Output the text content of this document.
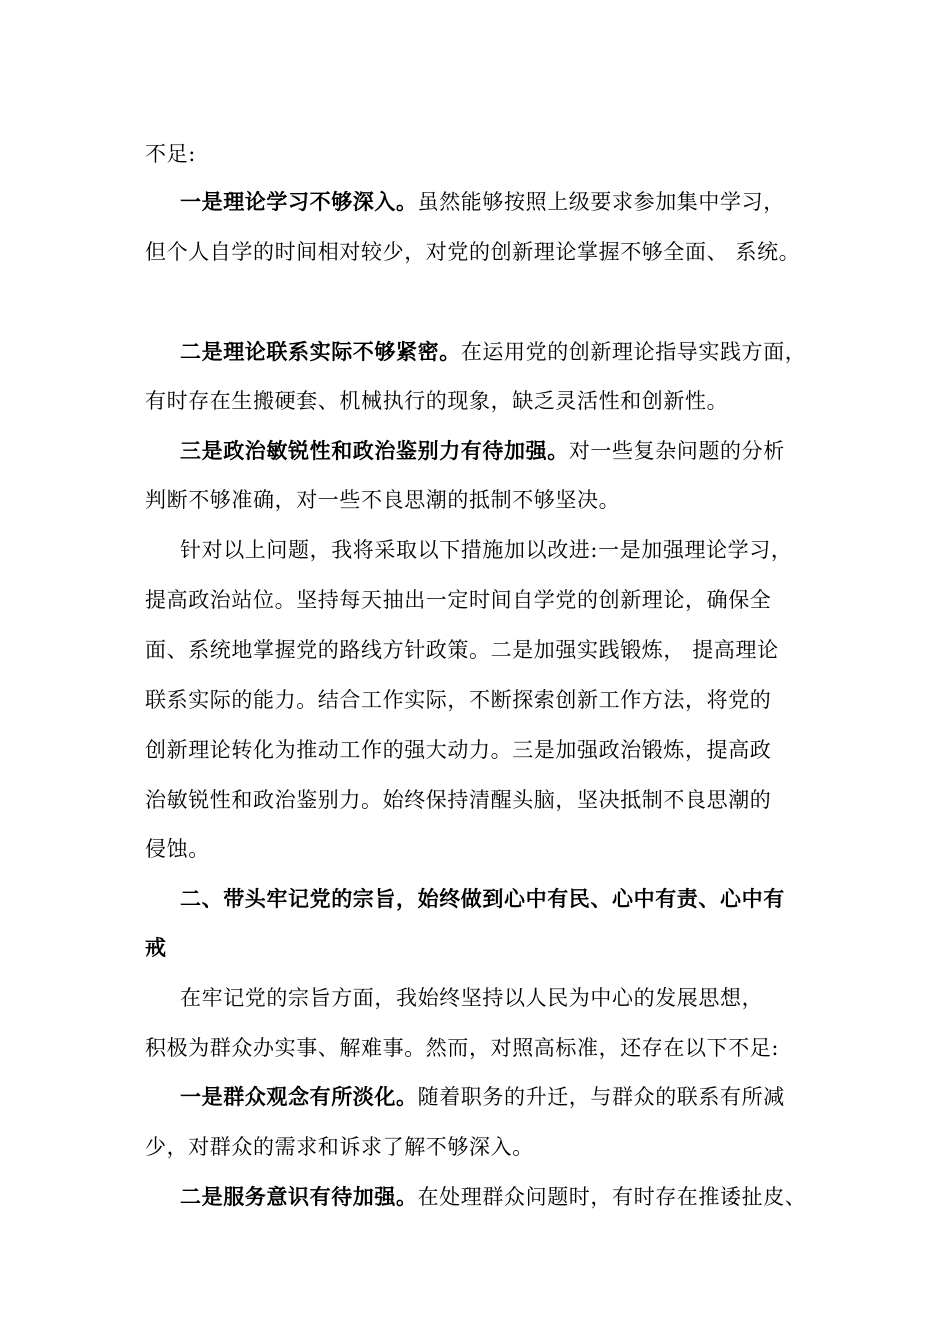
不足:
一是理论学习不够深入。虽然能够按照上级要求参加集中学习，
但个人自学的时间相对较少，对党的创新理论掌握不够全面、 系统。
二是理论联系实际不够紧密。在运用党的创新理论指导实践方面，
有时存在生搬硬套、机械执行的现象，缺乏灵活性和创新性。
三是政治敏锐性和政治鉴别力有待加强。对一些复杂问题的分析
判断不够准确，对一些不良思潮的抵制不够坚决。
针对以上问题，我将采取以下措施加以改进:一是加强理论学习，
提高政治站位。坚持每天抽出一定时间自学党的创新理论，确保全
面、系统地掌握党的路线方针政策。二是加强实践锻炼， 提高理论
联系实际的能力。结合工作实际，不断探索创新工作方法，将党的
创新理论转化为推动工作的强大动力。三是加强政治锻炼，提高政
治敏锐性和政治鉴别力。始终保持清醒头脑，坚决抵制不良思潮的
侵蚀。
二、带头牢记党的宗旨，始终做到心中有民、心中有责、心中有
戒
在牢记党的宗旨方面，我始终坚持以人民为中心的发展思想，
积极为群众办实事、解难事。然而，对照高标准，还存在以下不足:
一是群众观念有所淡化。随着职务的升迁，与群众的联系有所减
少，对群众的需求和诉求了解不够深入。
二是服务意识有待加强。在处理群众问题时，有时存在推诿扯皮、
